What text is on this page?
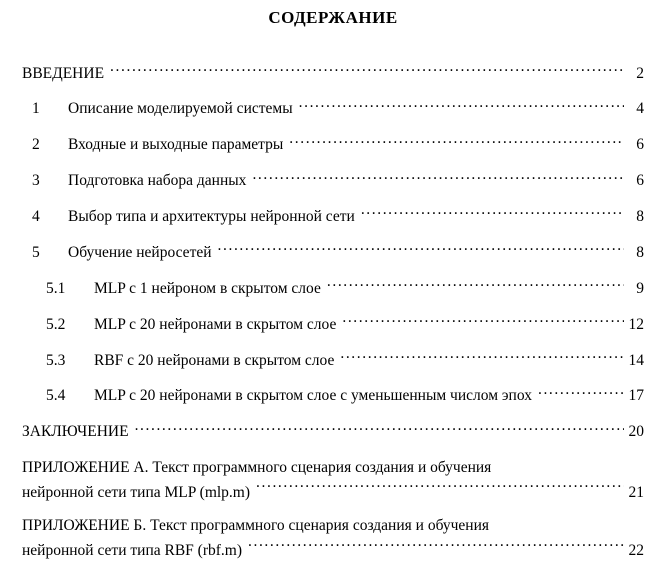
СОДЕРЖАНИЕ
ВВЕДЕНИЕ .....	2
1	Описание моделируемой системы .....	4
2	Входные и выходные параметры .....	6
3	Подготовка набора данных .....	6
4	Выбор типа и архитектуры нейронной сети .....	8
5	Обучение нейросетей .....	8
5.1	MLP с 1 нейроном в скрытом слое .....	9
5.2	MLP с 20 нейронами в скрытом слое .....	12
5.3	RBF с 20 нейронами в скрытом слое .....	14
5.4	MLP с 20 нейронами в скрытом слое с уменьшенным числом эпох .....	17
ЗАКЛЮЧЕНИЕ .....	20
ПРИЛОЖЕНИЕ А. Текст программного сценария создания и обучения
нейронной сети типа MLP (mlp.m) .....	21
ПРИЛОЖЕНИЕ Б. Текст программного сценария создания и обучения
нейронной сети типа RBF (rbf.m) .....	22
